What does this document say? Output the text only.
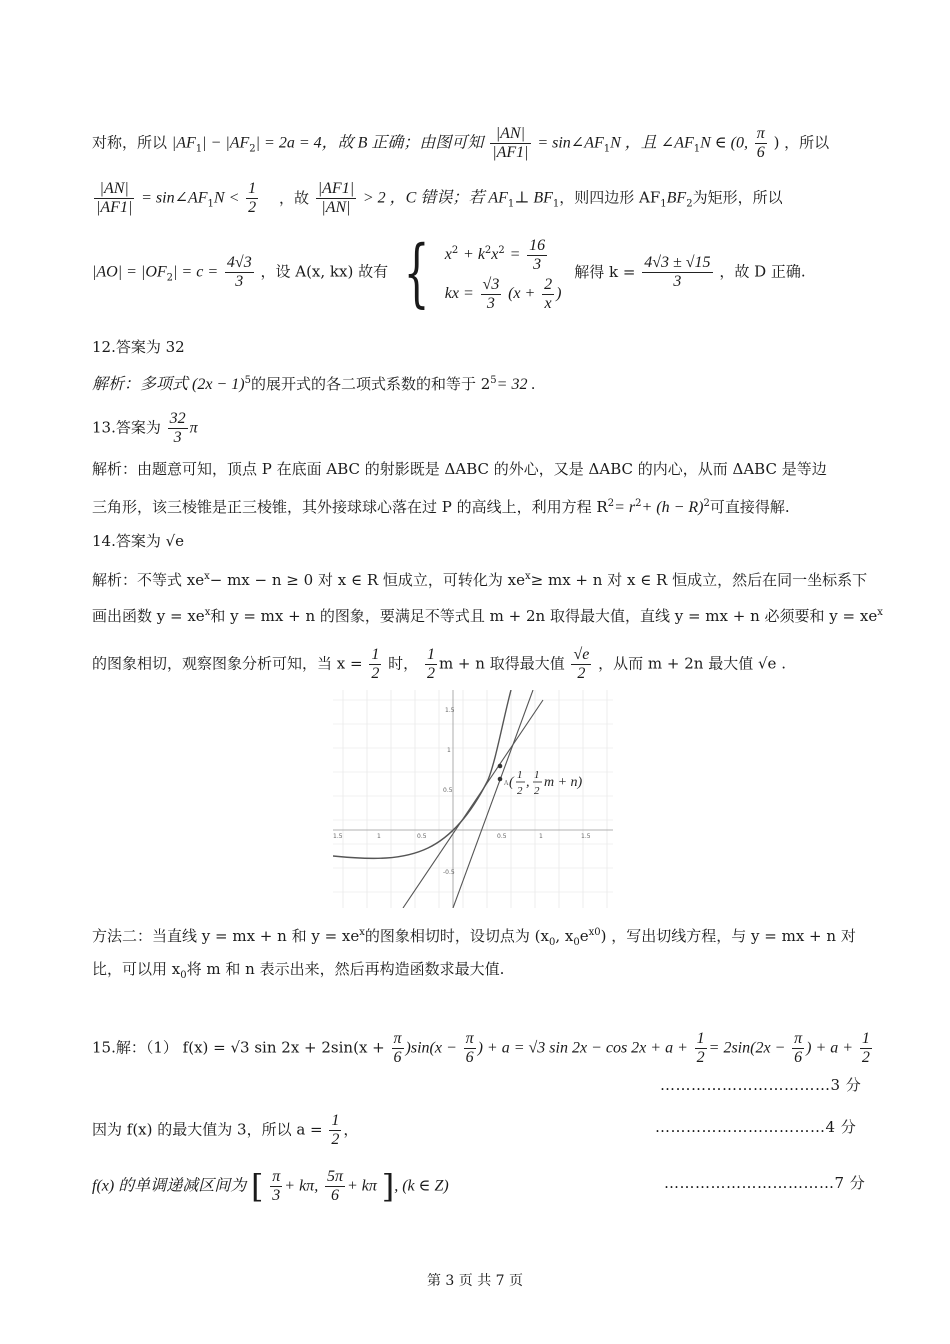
对称，所以 $|AF_1| - |AF_2| = 2a = 4$，故 B 正确；由图可知 $\frac{|AN|}{|AF1|}$ = $\sin\angle AF_1N$ ，且 $\angle AF_1N$ ∈ (0, $\frac{\pi}{6}$ ) ，所以
$\frac{|AN|}{|AF1|}$ = $\sin\angle AF_1N < \frac{1}{2}$ ，故 $\frac{|AF1|}{|AN|} > 2$ ，C 错误；若 $AF_1\perp$ $BF_1$，则四边形 $AF_1BF_2$为矩形，所以
$|AO| = |OF_2| = c = \frac{4√3}{3}$ ，设 A(x, kx) 故有 { $x^2 + k^2x^2 = \frac{16}{3}$
kx = $\frac{√3}{3} (x + \frac{2}{x}$ )
解得 $k = \frac{4√3 \pm √15}{3}$ ，故 D 正确.
12.答案为 32
解析：多项式 $(2x - 1)^5$的展开式的各二项式系数的和等于 $2^5= 32$ .
13.答案为 $\frac{32}{3}$ π
解析：由题意可知，顶点 P 在底面 ABC 的射影既是 ΔABC 的外心，又是 ΔABC 的内心，从而 ΔABC 是等边
三角形，该三棱锥是正三棱锥，其外接球球心落在过 P 的高线上，利用方程 $R^2= r^2+ (h - R)^2$可直接得解.
14.答案为 √e
解析：不等式 $xe^x-$ mx − n ≥ 0 对 x ∈ R 恒成立，可转化为 $xe^x\ge$ mx + n 对 x ∈ R 恒成立，然后在同一坐标系下
画出函数 $y = xe^x$和 y = mx + n 的图象，要满足不等式且 m + 2n 取得最大值，直线 y = mx + n 必须要和 $y = xe^x$
的图象相切，观察图象分析可知，当 $x = \frac{1}{2}$ 时， $\frac{1}{2}$ m + n 取得最大值 $\frac{√e}{2}$ ，从而 m + 2n 最大值 √e .
1.5	1	0.5	0.5	1	1.5
1.5
1
0.5
-0.5
A ( 1
2
, 1
2
m + n)
方法二：当直线 y = mx + n 和 $y = xe^x$的图象相切时，设切点为 ($x_0$, $x_0e^{x0}$) ，写出切线方程，与 y = mx + n 对
比，可以用 $x_0$将 m 和 n 表示出来，然后再构造函数求最大值.
15.解：（1） f(x) = √3 $\sin 2x + 2\sin(x + \frac{\pi}{6} )\sin(x - \frac{\pi}{6}$ ) + a = √3 $\sin 2x - \cos 2x + a + \frac{1}{2} = 2\sin(2x - \frac{\pi}{6}$ ) + $a + \frac{1}{2}$
……………………………3 分
因为 f(x) 的最大值为 3，所以 $a = \frac{1}{2}$ ，	……………………………4 分
f(x) 的单调递减区间为 [ $\frac{\pi}{3} + k\pi$, $\frac{5\pi}{6} + k\pi$ ], (k ∈ Z)	……………………………7 分
第 3 页 共 7 页
